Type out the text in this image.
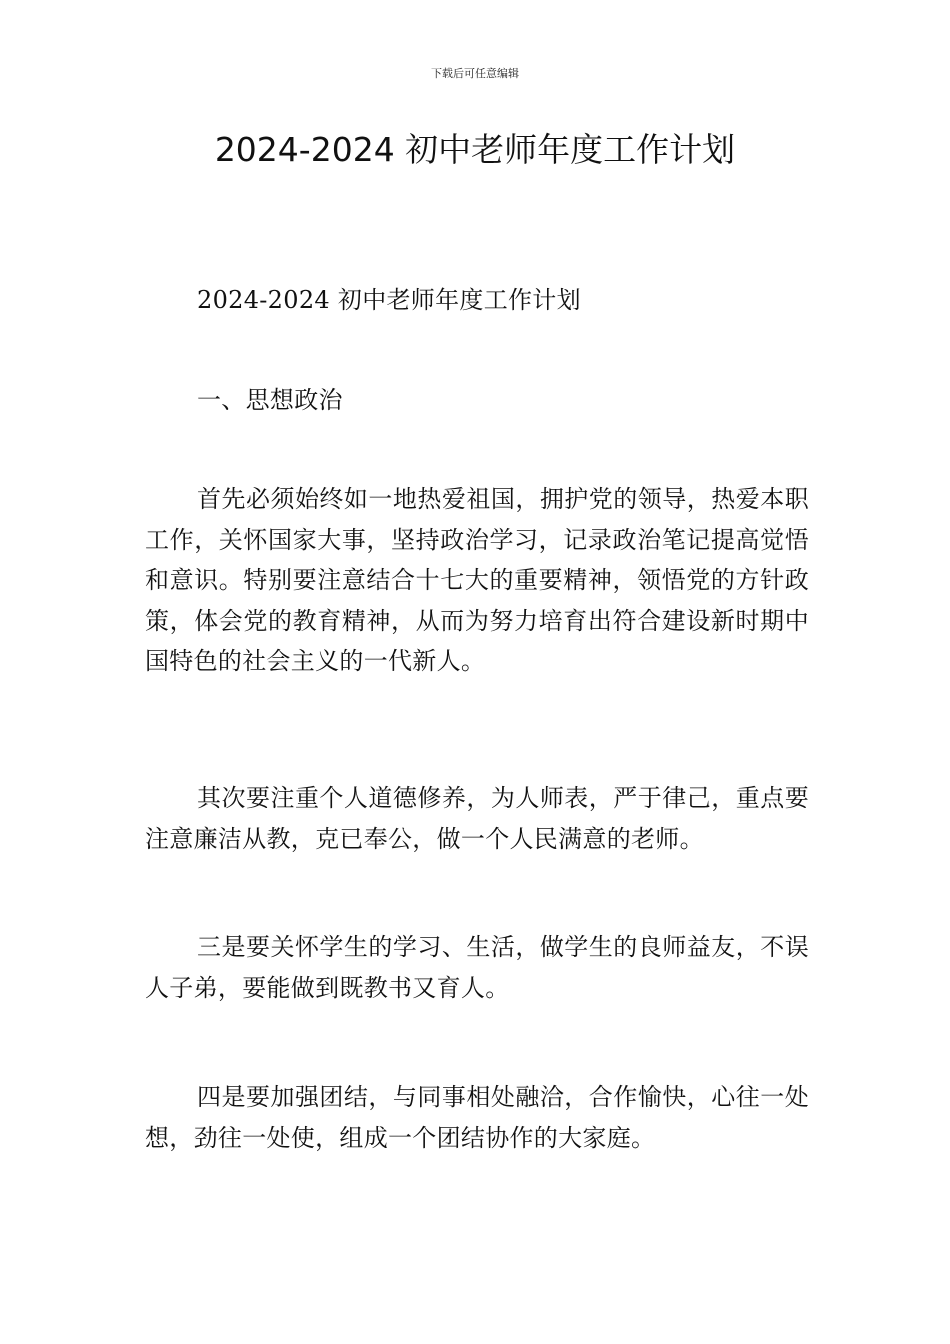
下载后可任意编辑
2024-2024 初中老师年度工作计划

2024-2024 初中老师年度工作计划

一、思想政治

首先必须始终如一地热爱祖国，拥护党的领导，热爱本职工作，关怀国家大事，坚持政治学习，记录政治笔记提高觉悟和意识。特别要注意结合十七大的重要精神，领悟党的方针政策，体会党的教育精神，从而为努力培育出符合建设新时期中国特色的社会主义的一代新人。

其次要注重个人道德修养，为人师表，严于律己，重点要注意廉洁从教，克已奉公，做一个人民满意的老师。

三是要关怀学生的学习、生活，做学生的良师益友，不误人子弟，要能做到既教书又育人。

四是要加强团结，与同事相处融洽，合作愉快，心往一处想，劲往一处使，组成一个团结协作的大家庭。
